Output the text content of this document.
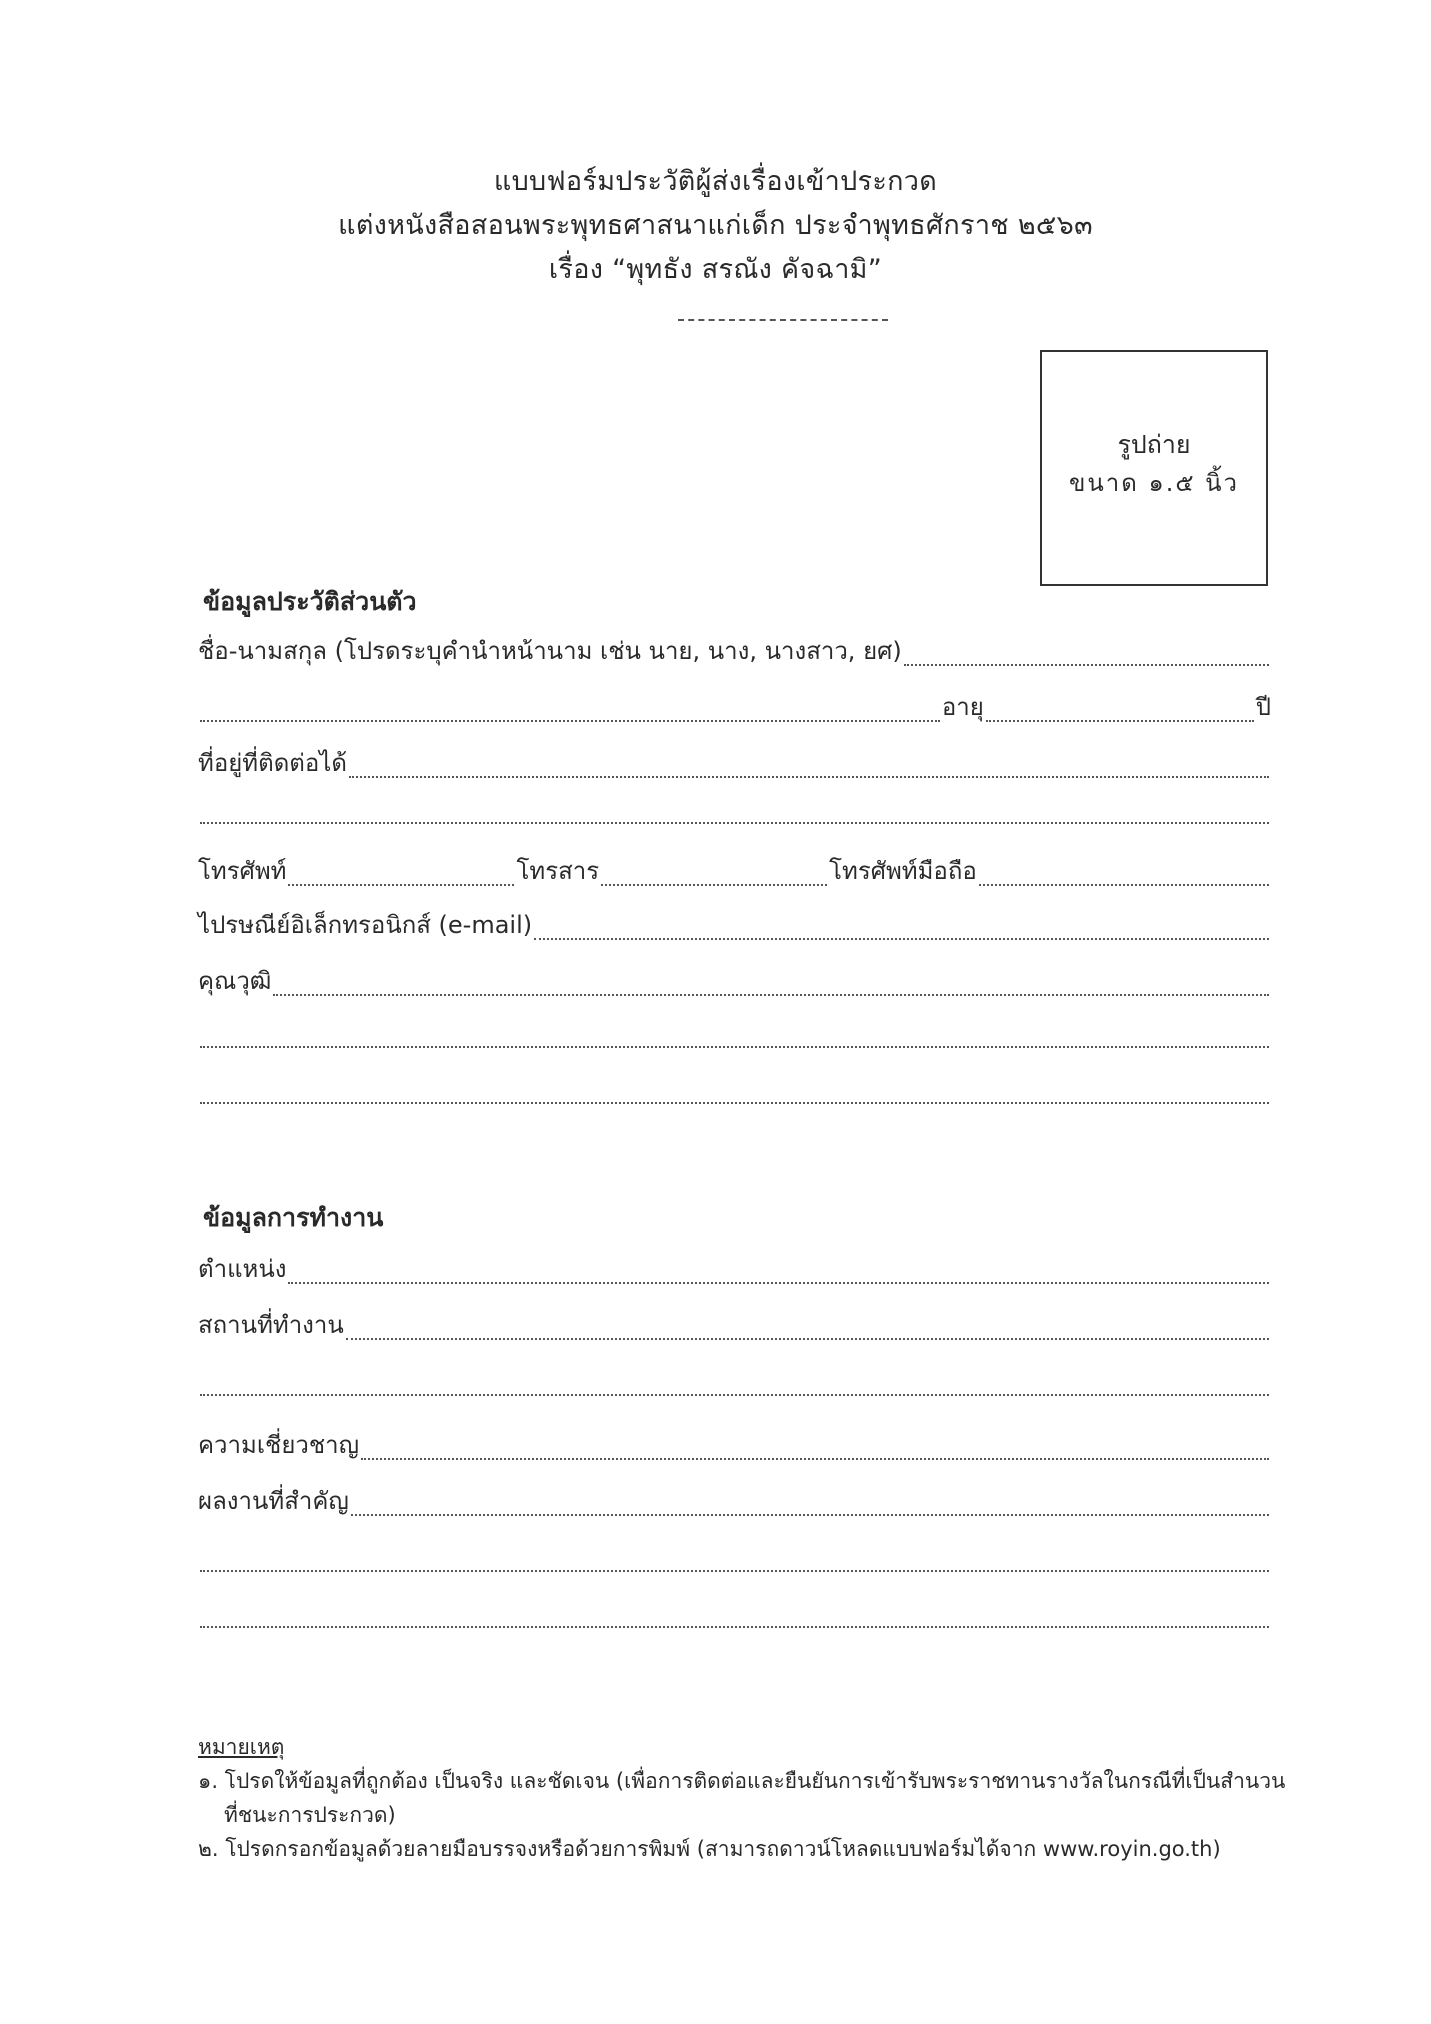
แบบฟอร์มประวัติผู้ส่งเรื่องเข้าประกวด
แต่งหนังสือสอนพระพุทธศาสนาแก่เด็ก ประจำพุทธศักราช ๒๕๖๓
เรื่อง “พุทธัง สรณัง คัจฉามิ”
รูปถ่าย
ขนาด ๑.๕ นิ้ว
ข้อมูลประวัติส่วนตัว
ชื่อ-นามสกุล (โปรดระบุคำนำหน้านาม เช่น นาย, นาง, นางสาว, ยศ)
อายุ	ปี
ที่อยู่ที่ติดต่อได้
โทรศัพท์	โทรสาร	โทรศัพท์มือถือ
ไปรษณีย์อิเล็กทรอนิกส์ (e-mail)
คุณวุฒิ
ข้อมูลการทำงาน
ตำแหน่ง
สถานที่ทำงาน
ความเชี่ยวชาญ
ผลงานที่สำคัญ
หมายเหตุ
๑. โปรดให้ข้อมูลที่ถูกต้อง เป็นจริง และชัดเจน (เพื่อการติดต่อและยืนยันการเข้ารับพระราชทานรางวัลในกรณีที่เป็นสำนวน
ที่ชนะการประกวด)
๒. โปรดกรอกข้อมูลด้วยลายมือบรรจงหรือด้วยการพิมพ์ (สามารถดาวน์โหลดแบบฟอร์มได้จาก www.royin.go.th)
